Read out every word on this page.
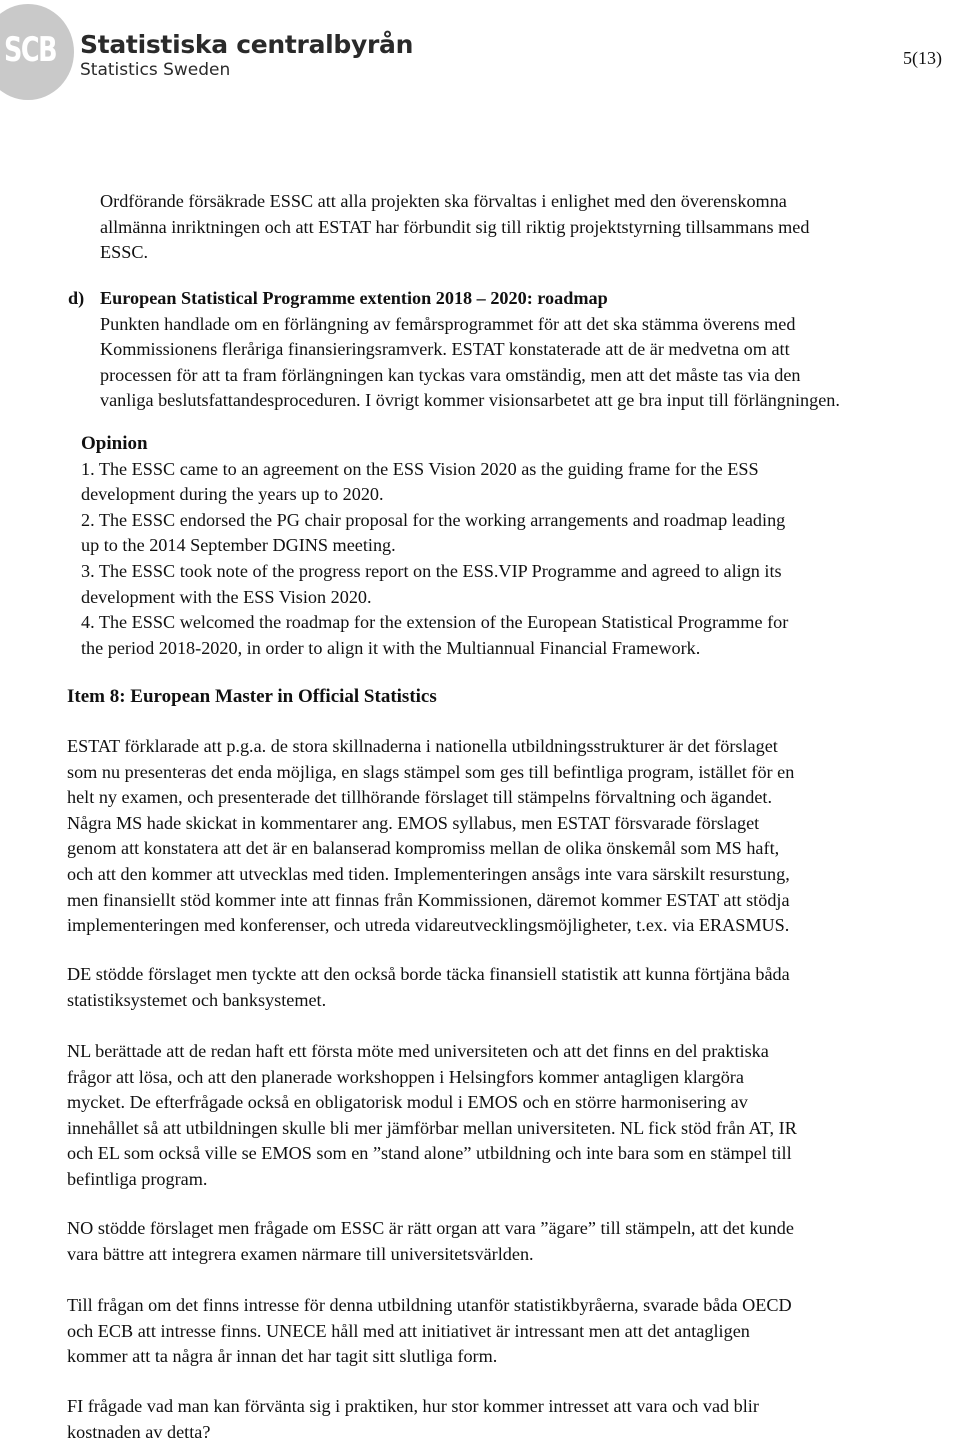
SCB Statistiska centralbyrån
Statistics Sweden
5(13)
Ordförande försäkrade ESSC att alla projekten ska förvaltas i enlighet med den överenskomna
allmänna inriktningen och att ESTAT har förbundit sig till riktig projektstyrning tillsammans med
ESSC.
d) European Statistical Programme extention 2018 – 2020: roadmap
Punkten handlade om en förlängning av femårsprogrammet för att det ska stämma överens med
Kommissionens fleråriga finansieringsramverk. ESTAT konstaterade att de är medvetna om att
processen för att ta fram förlängningen kan tyckas vara omständig, men att det måste tas via den
vanliga beslutsfattandesproceduren. I övrigt kommer visionsarbetet att ge bra input till förlängningen.
Opinion
1. The ESSC came to an agreement on the ESS Vision 2020 as the guiding frame for the ESS
development during the years up to 2020.
2. The ESSC endorsed the PG chair proposal for the working arrangements and roadmap leading
up to the 2014 September DGINS meeting.
3. The ESSC took note of the progress report on the ESS.VIP Programme and agreed to align its
development with the ESS Vision 2020.
4. The ESSC welcomed the roadmap for the extension of the European Statistical Programme for
the period 2018-2020, in order to align it with the Multiannual Financial Framework.
Item 8: European Master in Official Statistics
ESTAT förklarade att p.g.a. de stora skillnaderna i nationella utbildningsstrukturer är det förslaget
som nu presenteras det enda möjliga, en slags stämpel som ges till befintliga program, istället för en
helt ny examen, och presenterade det tillhörande förslaget till stämpelns förvaltning och ägandet.
Några MS hade skickat in kommentarer ang. EMOS syllabus, men ESTAT försvarade förslaget
genom att konstatera att det är en balanserad kompromiss mellan de olika önskemål som MS haft,
och att den kommer att utvecklas med tiden. Implementeringen ansågs inte vara särskilt resurstung,
men finansiellt stöd kommer inte att finnas från Kommissionen, däremot kommer ESTAT att stödja
implementeringen med konferenser, och utreda vidareutvecklingsmöjligheter, t.ex. via ERASMUS.
DE stödde förslaget men tyckte att den också borde täcka finansiell statistik att kunna förtjäna båda
statistiksystemet och banksystemet.
NL berättade att de redan haft ett första möte med universiteten och att det finns en del praktiska
frågor att lösa, och att den planerade workshoppen i Helsingfors kommer antagligen klargöra
mycket. De efterfrågade också en obligatorisk modul i EMOS och en större harmonisering av
innehållet så att utbildningen skulle bli mer jämförbar mellan universiteten. NL fick stöd från AT, IR
och EL som också ville se EMOS som en ”stand alone” utbildning och inte bara som en stämpel till
befintliga program.
NO stödde förslaget men frågade om ESSC är rätt organ att vara ”ägare” till stämpeln, att det kunde
vara bättre att integrera examen närmare till universitetsvärlden.
Till frågan om det finns intresse för denna utbildning utanför statistikbyråerna, svarade båda OECD
och ECB att intresse finns. UNECE håll med att initiativet är intressant men att det antagligen
kommer att ta några år innan det har tagit sitt slutliga form.
FI frågade vad man kan förvänta sig i praktiken, hur stor kommer intresset att vara och vad blir
kostnaden av detta?
